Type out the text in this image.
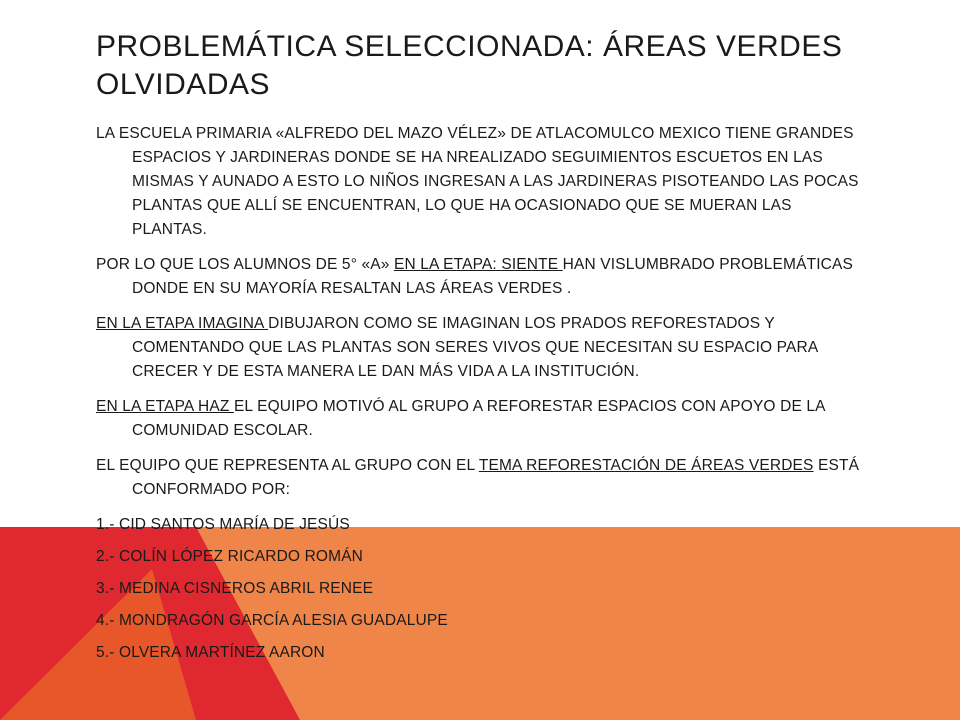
PROBLEMÁTICA SELECCIONADA: ÁREAS VERDES OLVIDADAS

LA ESCUELA PRIMARIA «ALFREDO DEL MAZO VÉLEZ» DE ATLACOMULCO MEXICO TIENE GRANDES ESPACIOS Y JARDINERAS DONDE SE HA NREALIZADO SEGUIMIENTOS ESCUETOS EN LAS MISMAS Y AUNADO A ESTO LO NIÑOS INGRESAN A LAS JARDINERAS PISOTEANDO LAS POCAS PLANTAS QUE ALLÍ SE ENCUENTRAN, LO QUE HA OCASIONADO QUE SE MUERAN LAS PLANTAS.

POR LO QUE LOS ALUMNOS DE 5° «A» EN LA ETAPA: SIENTE HAN VISLUMBRADO PROBLEMÁTICAS DONDE EN SU MAYORÍA RESALTAN LAS ÁREAS VERDES .

EN LA ETAPA IMAGINA DIBUJARON COMO SE IMAGINAN LOS PRADOS REFORESTADOS Y COMENTANDO QUE LAS PLANTAS SON SERES VIVOS QUE NECESITAN SU ESPACIO PARA CRECER Y DE ESTA MANERA LE DAN MÁS VIDA A LA INSTITUCIÓN.

EN LA ETAPA HAZ EL EQUIPO MOTIVÓ AL GRUPO A REFORESTAR ESPACIOS CON APOYO DE LA COMUNIDAD ESCOLAR.

EL EQUIPO QUE REPRESENTA AL GRUPO CON EL TEMA REFORESTACIÓN DE ÁREAS VERDES ESTÁ CONFORMADO POR:

1.- CID SANTOS MARÍA DE JESÚS

2.- COLÍN LÓPEZ RICARDO ROMÁN

3.- MEDINA CISNEROS ABRIL RENEE

4.- MONDRAGÓN GARCÍA ALESIA GUADALUPE

5.- OLVERA MARTÍNEZ AARON
